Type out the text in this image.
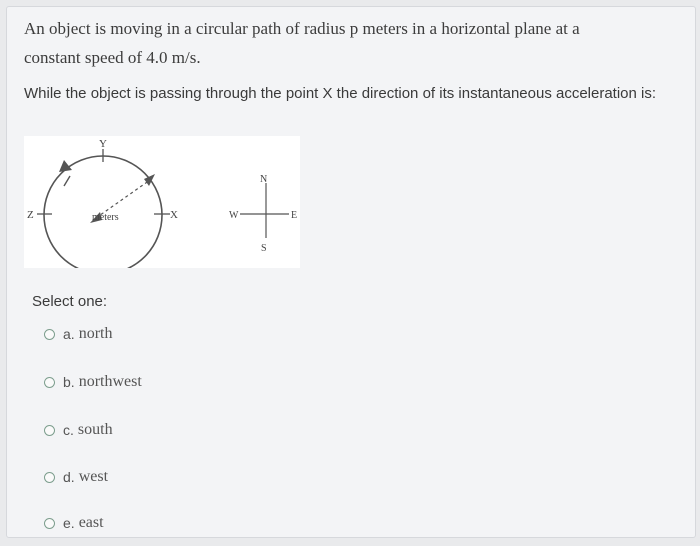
An object is moving in a circular path of radius p meters in a horizontal plane at a
constant speed of 4.0 m/s.
While the object is passing through the point X the direction of its instantaneous acceleration is:
Y
Z	X
meters
N
S
W	E
Select one:
a. north
b. northwest
c. south
d. west
e. east
